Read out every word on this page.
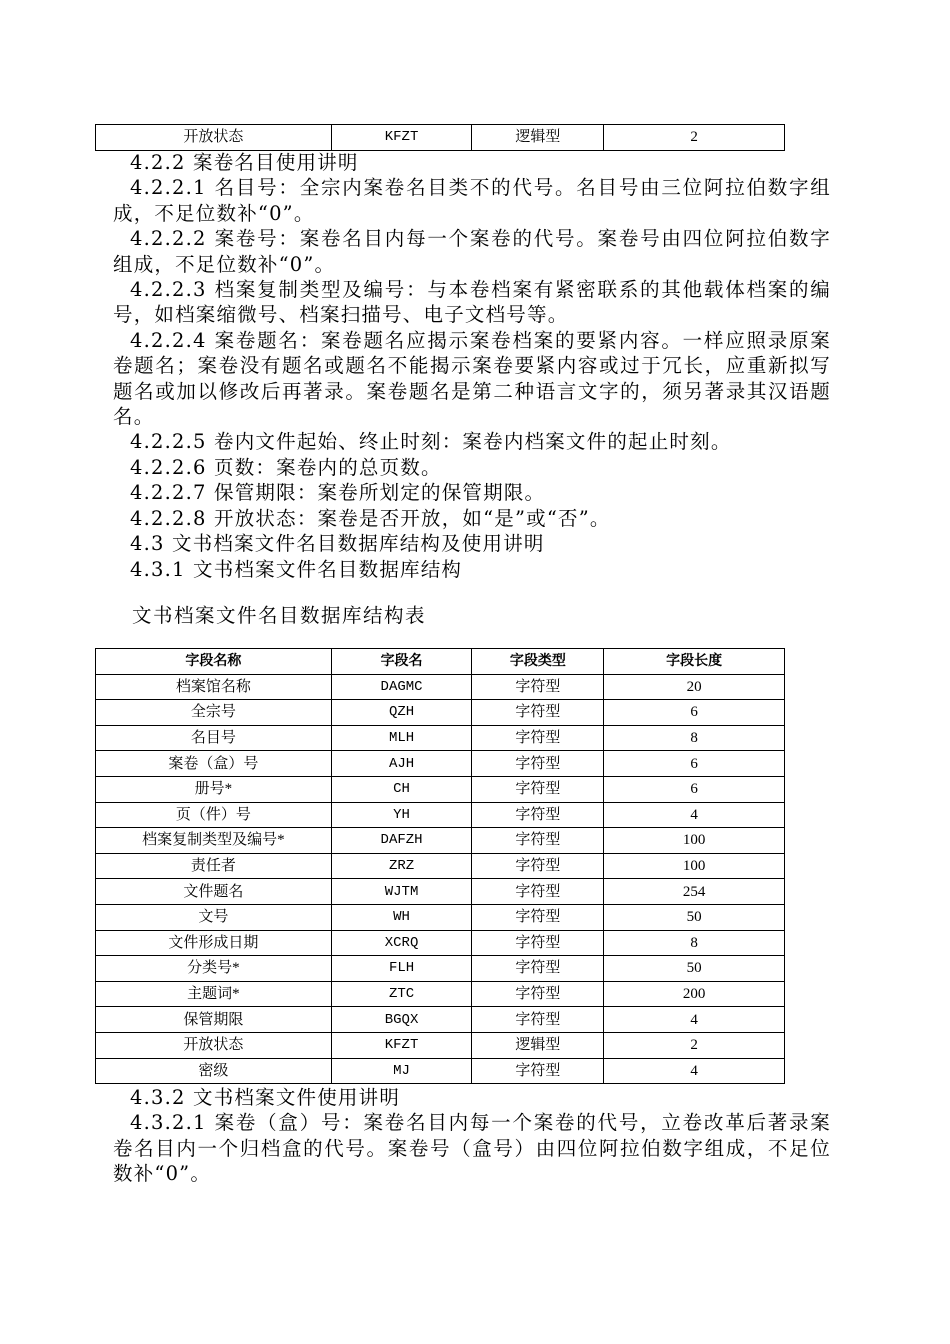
开放状态	KFZT	逻辑型	2

4.2.2 案卷名目使用讲明

4.2.2.1 名目号：全宗内案卷名目类不的代号。名目号由三位阿拉伯数字组成，不足位数补“0”。

4.2.2.2 案卷号：案卷名目内每一个案卷的代号。案卷号由四位阿拉伯数字组成，不足位数补“0”。

4.2.2.3 档案复制类型及编号：与本卷档案有紧密联系的其他载体档案的编号，如档案缩微号、档案扫描号、电子文档号等。

4.2.2.4 案卷题名：案卷题名应揭示案卷档案的要紧内容。一样应照录原案卷题名；案卷没有题名或题名不能揭示案卷要紧内容或过于冗长，应重新拟写题名或加以修改后再著录。案卷题名是第二种语言文字的，须另著录其汉语题名。

4.2.2.5 卷内文件起始、终止时刻：案卷内档案文件的起止时刻。

4.2.2.6 页数：案卷内的总页数。

4.2.2.7 保管期限：案卷所划定的保管期限。

4.2.2.8 开放状态：案卷是否开放，如“是”或“否”。

4.3 文书档案文件名目数据库结构及使用讲明

4.3.1 文书档案文件名目数据库结构

文书档案文件名目数据库结构表

字段名称	字段名	字段类型	字段长度
档案馆名称	DAGMC	字符型	20
全宗号	QZH	字符型	6
名目号	MLH	字符型	8
案卷（盒）号	AJH	字符型	6
册号*	CH	字符型	6
页（件）号	YH	字符型	4
档案复制类型及编号*	DAFZH	字符型	100
责任者	ZRZ	字符型	100
文件题名	WJTM	字符型	254
文号	WH	字符型	50
文件形成日期	XCRQ	字符型	8
分类号*	FLH	字符型	50
主题词*	ZTC	字符型	200
保管期限	BGQX	字符型	4
开放状态	KFZT	逻辑型	2
密级	MJ	字符型	4

4.3.2 文书档案文件使用讲明

4.3.2.1 案卷（盒）号：案卷名目内每一个案卷的代号，立卷改革后著录案卷名目内一个归档盒的代号。案卷号（盒号）由四位阿拉伯数字组成，不足位数补“0”。
